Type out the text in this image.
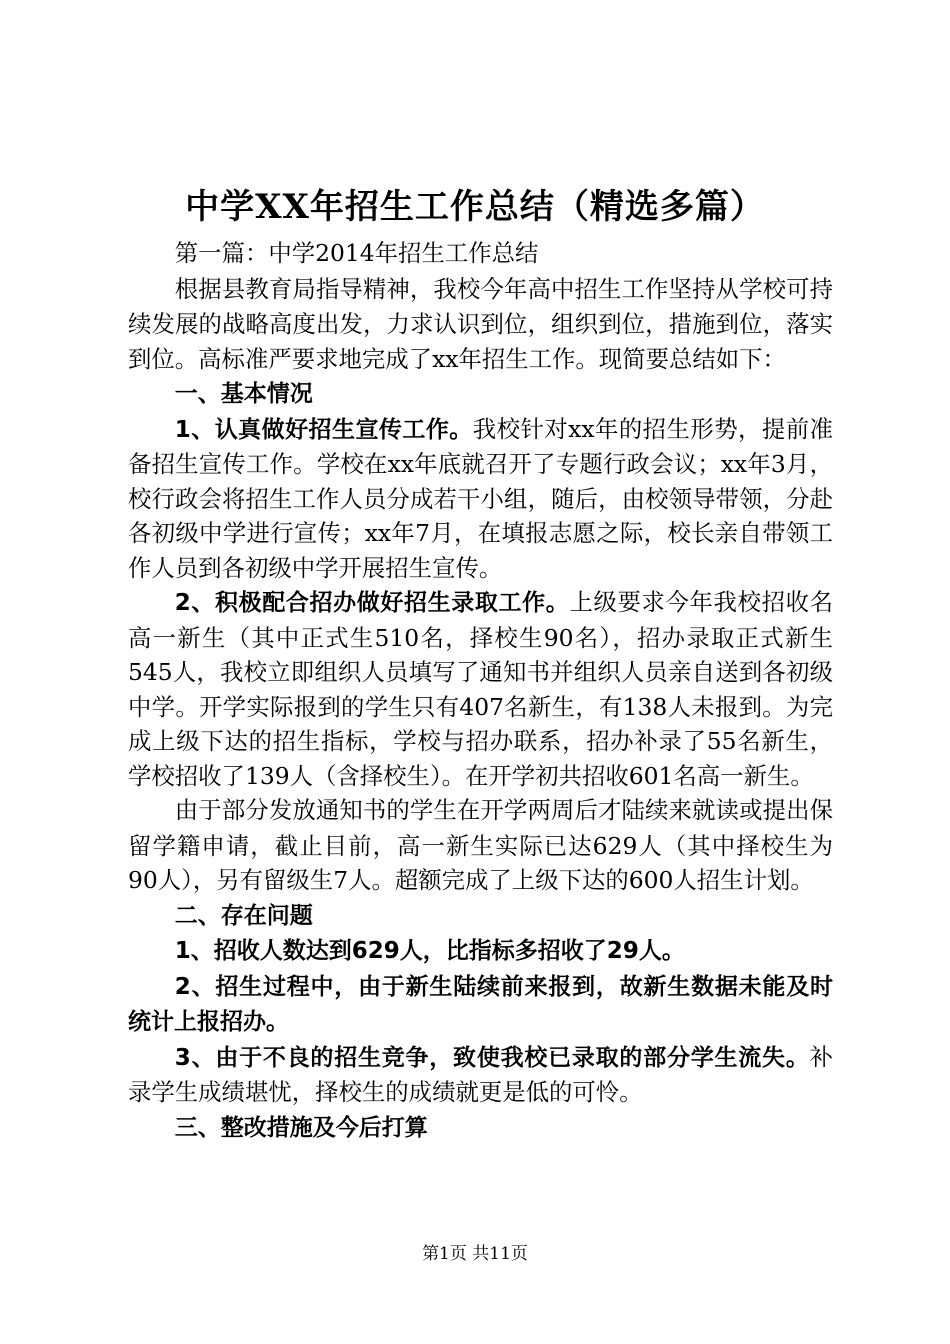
中学XX年招生工作总结（精选多篇）

第一篇：中学2014年招生工作总结

根据县教育局指导精神，我校今年高中招生工作坚持从学校可持续发展的战略高度出发，力求认识到位，组织到位，措施到位，落实到位。高标准严要求地完成了xx年招生工作。现简要总结如下：

一、基本情况

1、认真做好招生宣传工作。我校针对xx年的招生形势，提前准备招生宣传工作。学校在xx年底就召开了专题行政会议；xx年3月，校行政会将招生工作人员分成若干小组，随后，由校领导带领，分赴各初级中学进行宣传；xx年7月，在填报志愿之际，校长亲自带领工作人员到各初级中学开展招生宣传。

2、积极配合招办做好招生录取工作。上级要求今年我校招收名高一新生（其中正式生510名，择校生90名），招办录取正式新生545人，我校立即组织人员填写了通知书并组织人员亲自送到各初级中学。开学实际报到的学生只有407名新生，有138人未报到。为完成上级下达的招生指标，学校与招办联系，招办补录了55名新生，学校招收了139人（含择校生）。在开学初共招收601名高一新生。

由于部分发放通知书的学生在开学两周后才陆续来就读或提出保留学籍申请，截止目前，高一新生实际已达629人（其中择校生为90人），另有留级生7人。超额完成了上级下达的600人招生计划。

二、存在问题

1、招收人数达到629人，比指标多招收了29人。

2、招生过程中，由于新生陆续前来报到，故新生数据未能及时统计上报招办。

3、由于不良的招生竞争，致使我校已录取的部分学生流失。补录学生成绩堪忧，择校生的成绩就更是低的可怜。

三、整改措施及今后打算

第1页 共11页
